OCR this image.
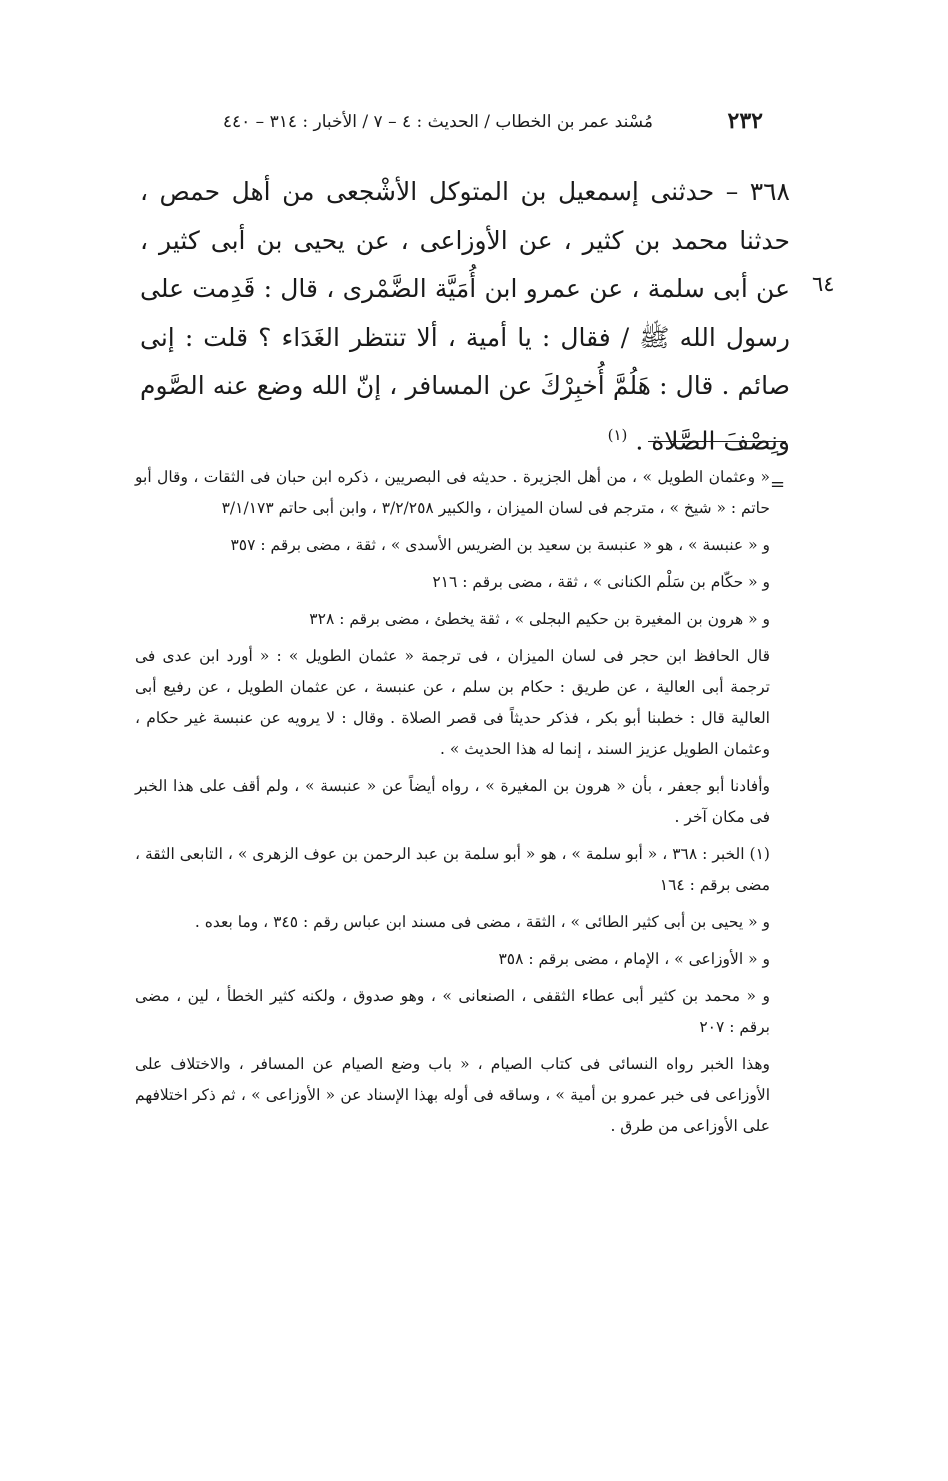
٢٣٢
مُسْند عمر بن الخطاب / الحديث : ٤ – ٧ / الأخبار : ٣١٤ – ٤٤٠
٣٦٨ – حدثنى إسمعيل بن المتوكل الأشْجعى من أهل حمص ، حدثنا محمد بن كثير ، عن الأوزاعى ، عن يحيى بن أبى كثير ، عن أبى سلمة ، عن عمرو ابن أُمَيَّة الضَّمْرى ، قال : قَدِمت على رسول الله ﷺ / فقال : يا أمية ، ألا تنتظر الغَدَاء ؟ قلت : إنى صائم . قال : هَلُمَّ أُخبِرْكَ عن المسافر ، إنّ الله وضع عنه الصَّوم ونِصْفَ الصَّلاة . $^{(١)}$
٦٤
=

« وعثمان الطويل » ، من أهل الجزيرة . حديثه فى البصريين ، ذكره ابن حبان فى الثقات ، وقال أبو حاتم : « شيخ » ، مترجم فى لسان الميزان ، والكبير ٣/٢/٢٥٨ ، وابن أبى حاتم ٣/١/١٧٣

و « عنبسة » ، هو « عنبسة بن سعيد بن الضريس الأسدى » ، ثقة ، مضى برقم : ٣٥٧

و « حكّام بن سَلْم الكنانى » ، ثقة ، مضى برقم : ٢١٦

و « هرون بن المغيرة بن حكيم البجلى » ، ثقة يخطئ ، مضى برقم : ٣٢٨

قال الحافظ ابن حجر فى لسان الميزان ، فى ترجمة « عثمان الطويل » : « أورد ابن عدى فى ترجمة أبى العالية ، عن طريق : حكام بن سلم ، عن عنبسة ، عن عثمان الطويل ، عن رفيع أبى العالية قال : خطبنا أبو بكر ، فذكر حديثاً فى قصر الصلاة . وقال : لا يرويه عن عنبسة غير حكام ، وعثمان الطويل عزيز السند ، إنما له هذا الحديث » .

وأفادنا أبو جعفر ، بأن « هرون بن المغيرة » ، رواه أيضاً عن « عنبسة » ، ولم أقف على هذا الخبر فى مكان آخر .

(١) الخبر : ٣٦٨ ، « أبو سلمة » ، هو « أبو سلمة بن عبد الرحمن بن عوف الزهرى » ، التابعى الثقة ، مضى برقم : ١٦٤

و « يحيى بن أبى كثير الطائى » ، الثقة ، مضى فى مسند ابن عباس رقم : ٣٤٥ ، وما بعده .

و « الأوزاعى » ، الإمام ، مضى برقم : ٣٥٨

و « محمد بن كثير أبى عطاء الثقفى ، الصنعانى » ، وهو صدوق ، ولكنه كثير الخطأ ، لين ، مضى برقم : ٢٠٧

وهذا الخبر رواه النسائى فى كتاب الصيام ، « باب وضع الصيام عن المسافر ، والاختلاف على الأوزاعى فى خبر عمرو بن أمية » ، وساقه فى أوله بهذا الإسناد عن « الأوزاعى » ، ثم ذكر اختلافهم على الأوزاعى من طرق .
